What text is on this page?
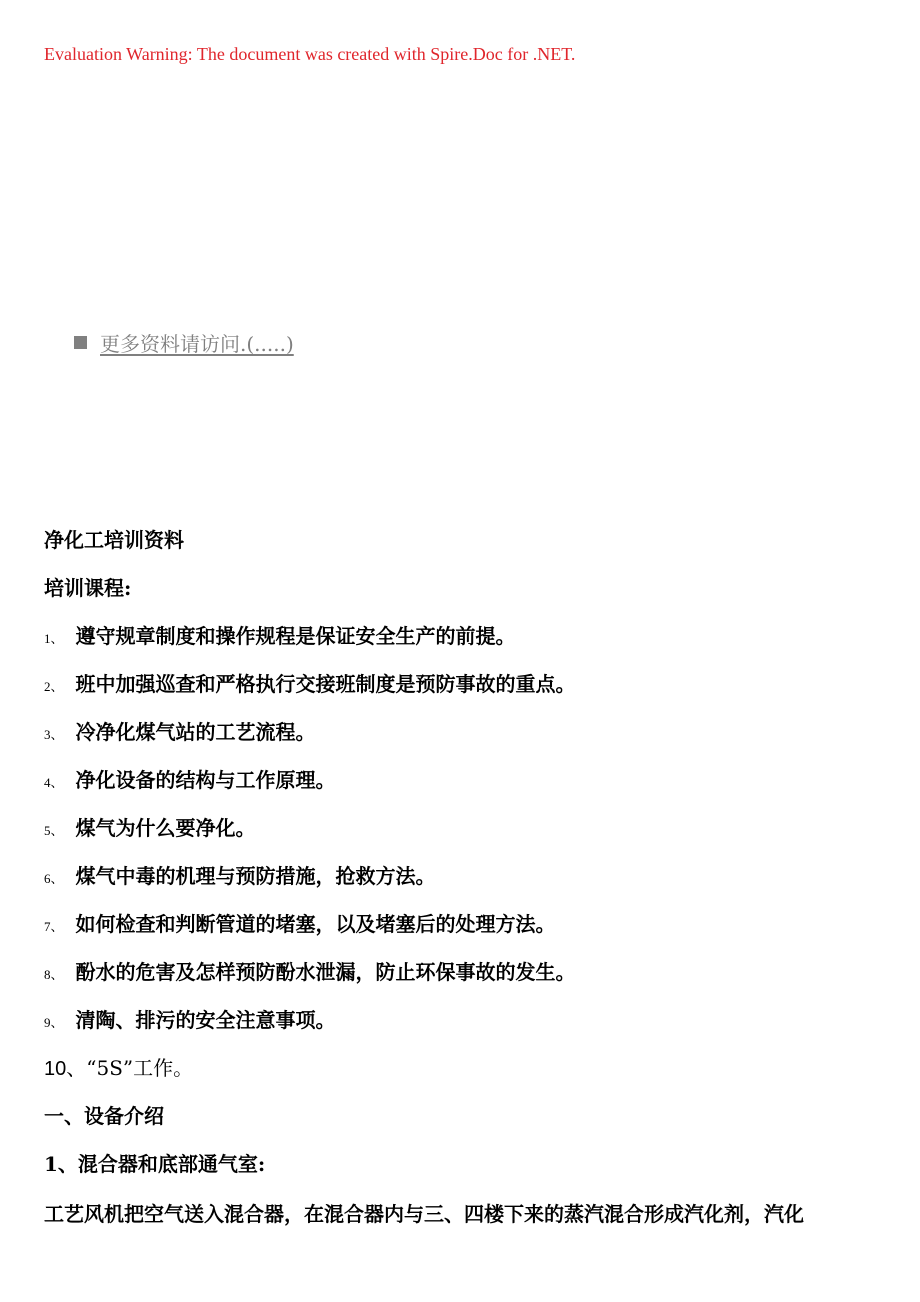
Evaluation Warning: The document was created with Spire.Doc for .NET.
更多资料请访问.(.....)
净化工培训资料
培训课程:
1、 遵守规章制度和操作规程是保证安全生产的前提。
2、 班中加强巡查和严格执行交接班制度是预防事故的重点。
3、 冷净化煤气站的工艺流程。
4、 净化设备的结构与工作原理。
5、 煤气为什么要净化。
6、 煤气中毒的机理与预防措施，抢救方法。
7、 如何检查和判断管道的堵塞，以及堵塞后的处理方法。
8、 酚水的危害及怎样预防酚水泄漏，防止环保事故的发生。
9、 清陶、排污的安全注意事项。
10、“5S”工作。
一、设备介绍
1、混合器和底部通气室:
工艺风机把空气送入混合器，在混合器内与三、四楼下来的蒸汽混合形成汽化剂，汽化
